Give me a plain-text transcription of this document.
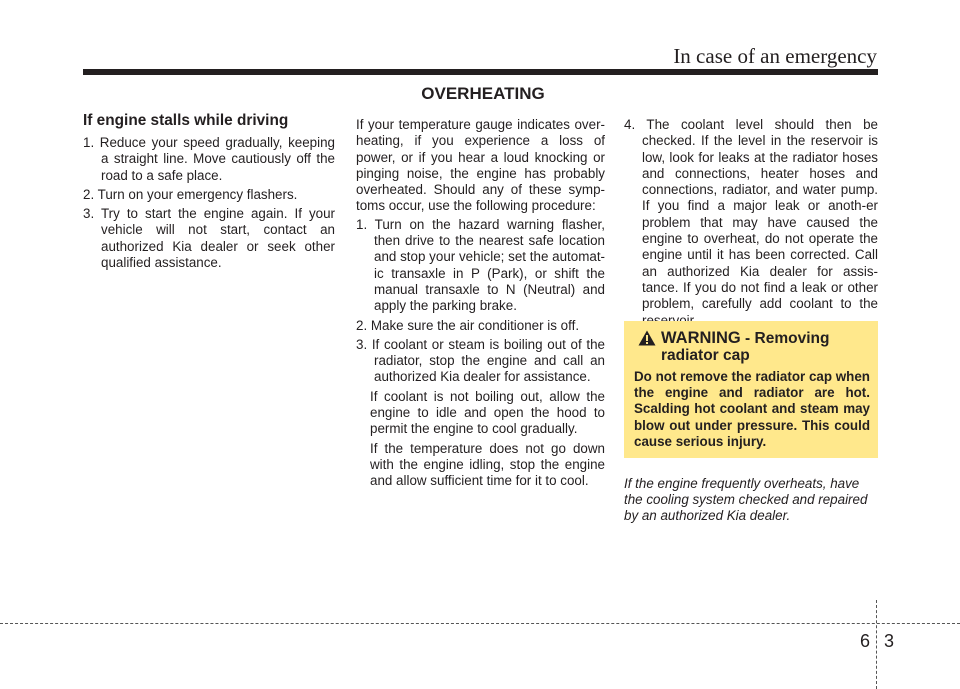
In case of an emergency
OVERHEATING
If engine stalls while driving
1. Reduce your speed gradually, keeping a straight line. Move cautiously off the road to a safe place.
2. Turn on your emergency flashers.
3. Try to start the engine again. If your vehicle will not start, contact an authorized Kia dealer or seek other qualified assistance.

If your temperature gauge indicates over-heating, if you experience a loss of power, or if you hear a loud knocking or pinging noise, the engine has probably overheated. Should any of these symp-toms occur, use the following procedure:

1. Turn on the hazard warning flasher, then drive to the nearest safe location and stop your vehicle; set the automat-ic transaxle in P (Park), or shift the manual transaxle to N (Neutral) and apply the parking brake.
2. Make sure the air conditioner is off.
3. If coolant or steam is boiling out of the radiator, stop the engine and call an authorized Kia dealer for assistance.

If coolant is not boiling out, allow the engine to idle and open the hood to permit the engine to cool gradually.

If the temperature does not go down with the engine idling, stop the engine and allow sufficient time for it to cool.

4. The coolant level should then be checked. If the level in the reservoir is low, look for leaks at the radiator hoses and connections, heater hoses and connections, radiator, and water pump. If you find a major leak or anoth-er problem that may have caused the engine to overheat, do not operate the engine until it has been corrected. Call an authorized Kia dealer for assis-tance. If you do not find a leak or other problem, carefully add coolant to the
WARNING - Removing
radiator cap
Do not remove the radiator cap when the engine and radiator are hot. Scalding hot coolant and steam may blow out under pressure. This could cause serious injury.
If the engine frequently overheats, have the cooling system checked and repaired by an authorized Kia dealer.
6 3
